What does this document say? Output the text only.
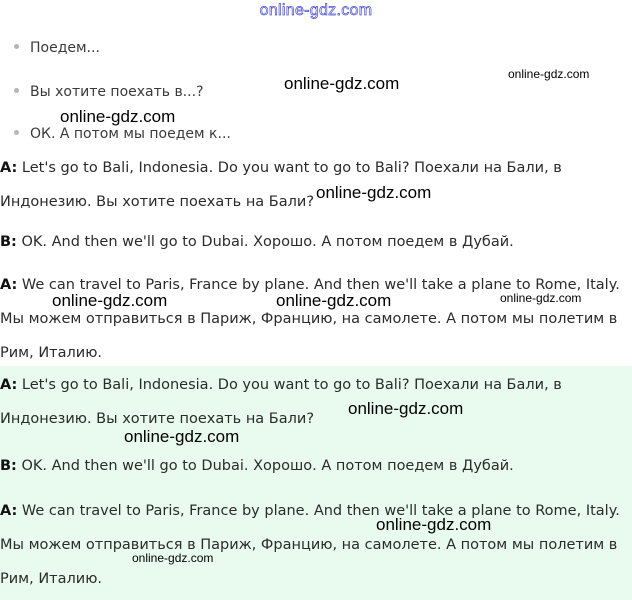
online-gdz.com
Поедем...
Вы хотите поехать в...?
ОК. А потом мы поедем к...
A: Let's go to Bali, Indonesia. Do you want to go to Bali? Поехали на Бали, в Индонезию. Вы хотите поехать на Бали?
B: OK. And then we'll go to Dubai. Хорошо. А потом поедем в Дубай.
A: We can travel to Paris, France by plane. And then we'll take a plane to Rome, Italy. Мы можем отправиться в Париж, Францию, на самолете. А потом мы полетим в Рим, Италию.
A: Let's go to Bali, Indonesia. Do you want to go to Bali? Поехали на Бали, в Индонезию. Вы хотите поехать на Бали?
B: OK. And then we'll go to Dubai. Хорошо. А потом поедем в Дубай.
A: We can travel to Paris, France by plane. And then we'll take a plane to Rome, Italy. Мы можем отправиться в Париж, Францию, на самолете. А потом мы полетим в Рим, Италию.
online-gdz.com	online-gdz.com
online-gdz.com
online-gdz.com
online-gdz.com	online-gdz.com	online-gdz.com
online-gdz.com
online-gdz.com
online-gdz.com
online-gdz.com
